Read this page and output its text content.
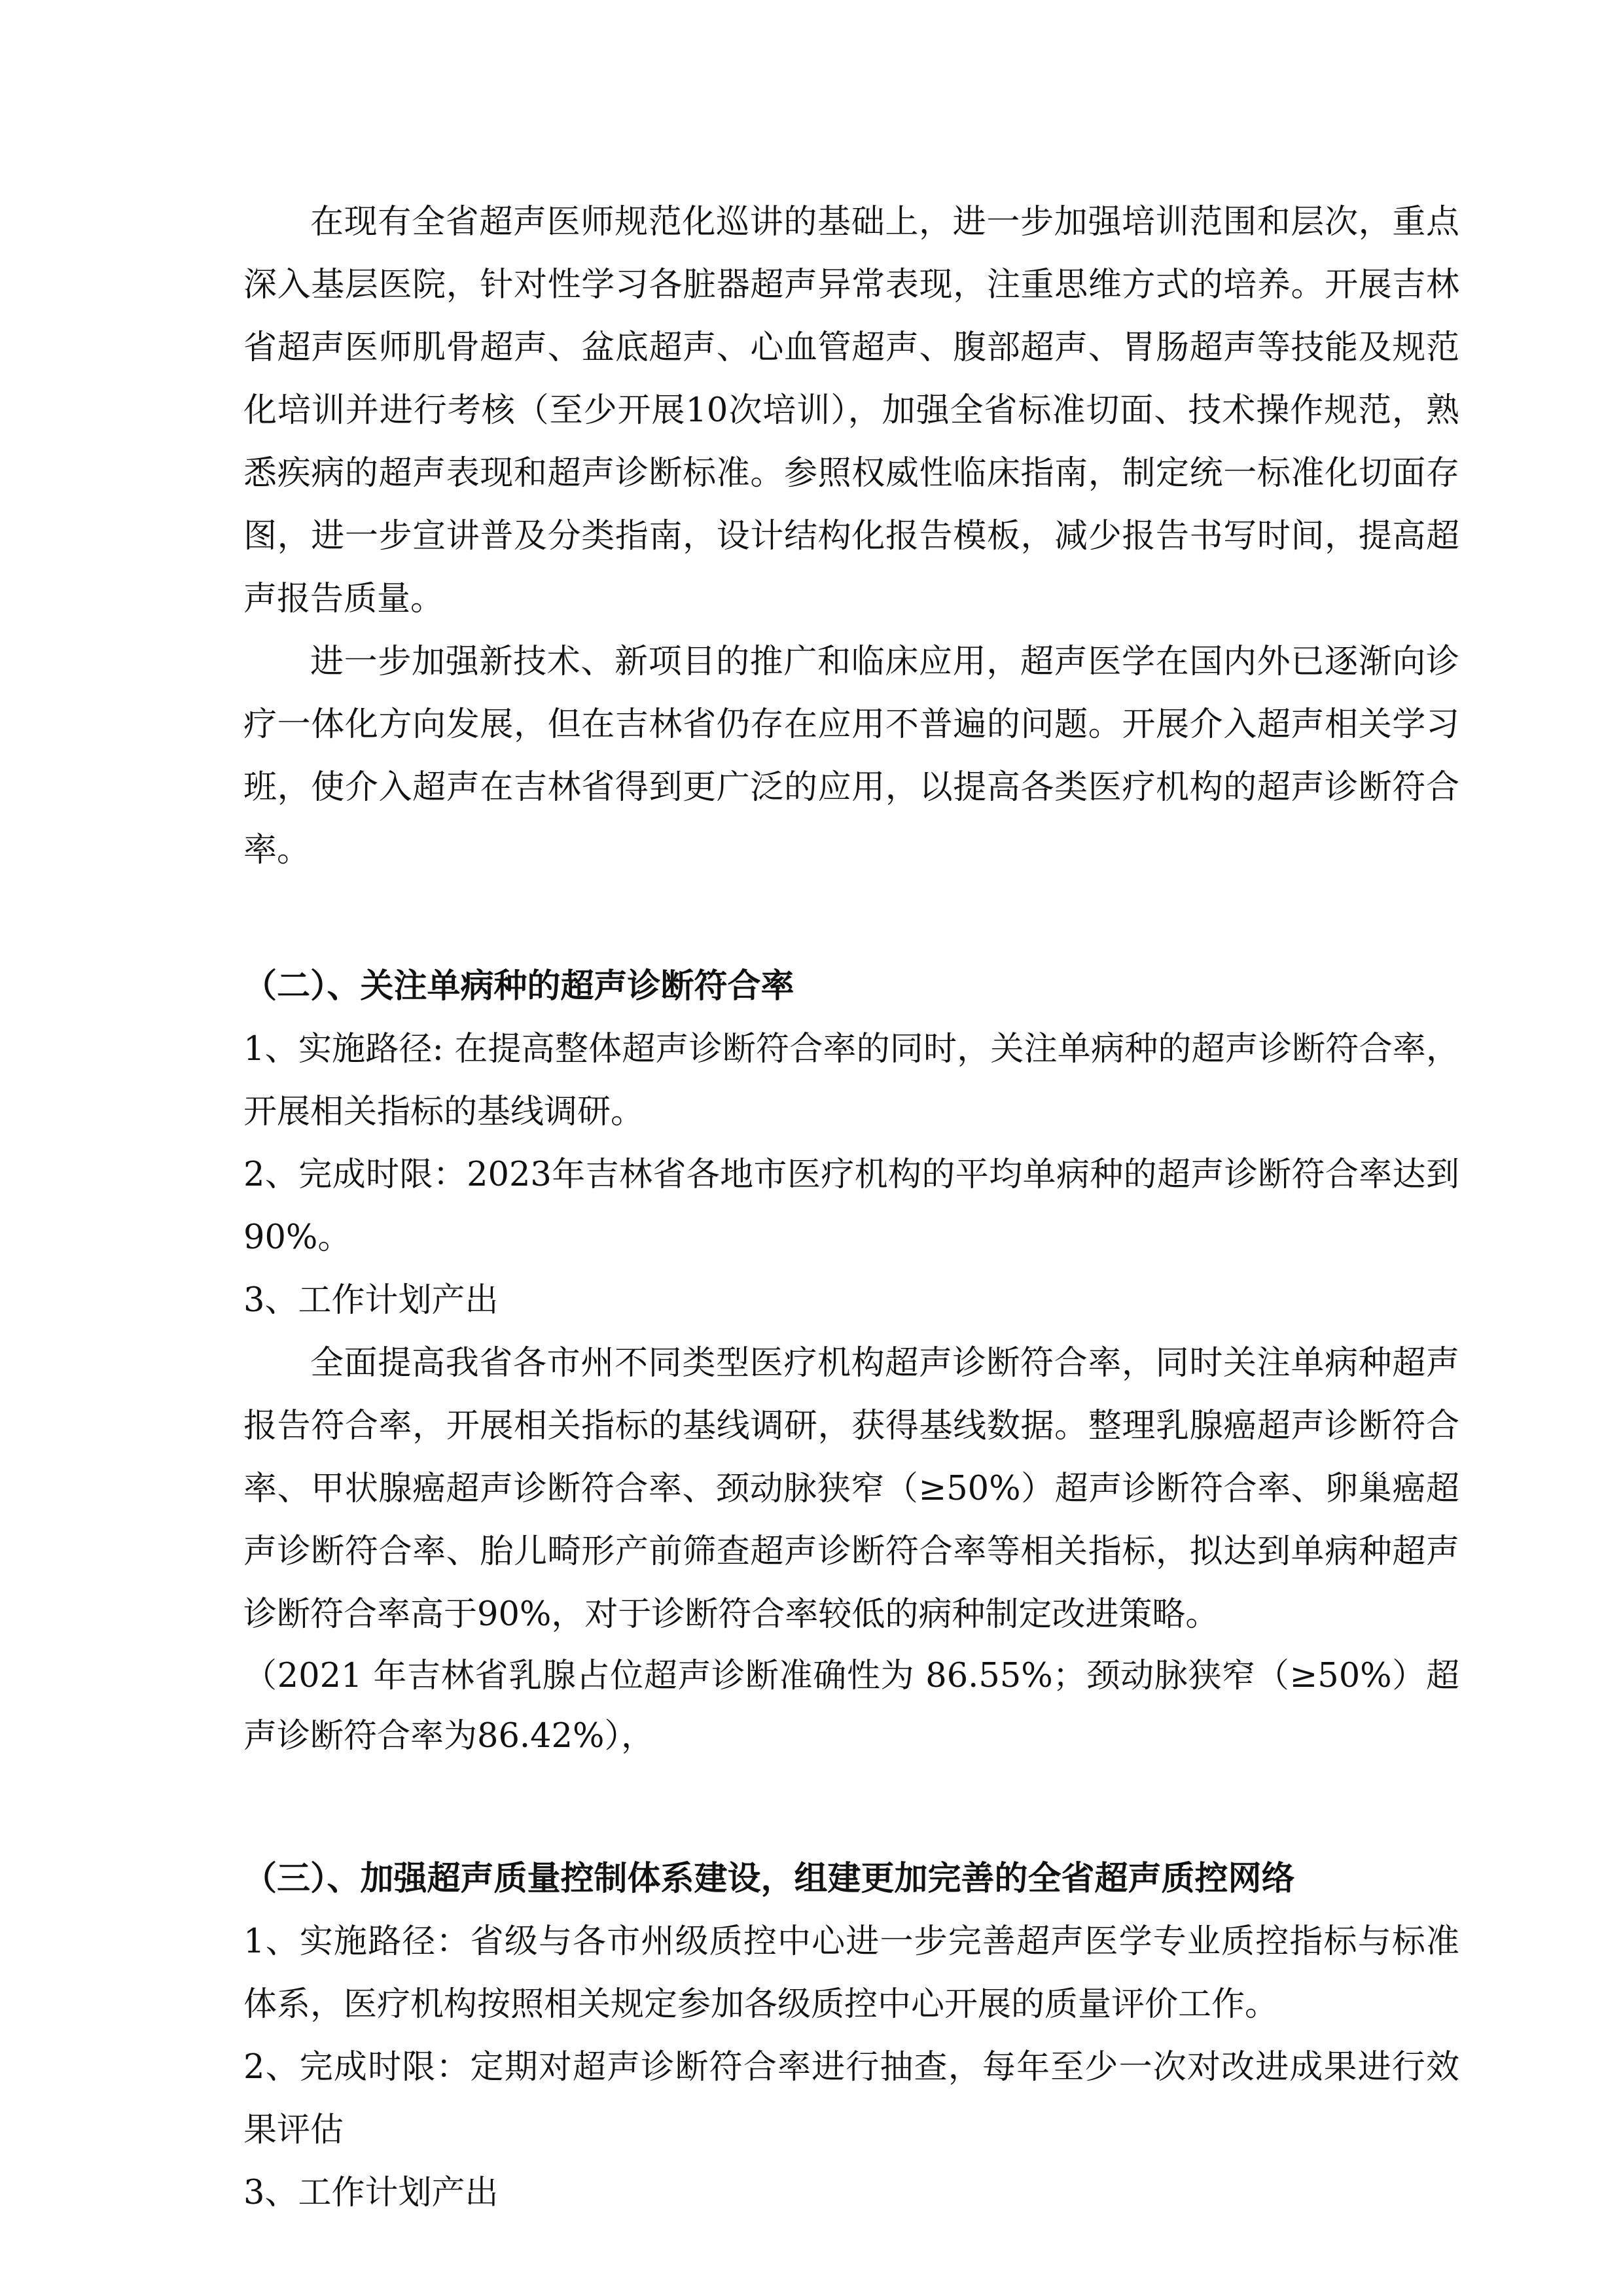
在现有全省超声医师规范化巡讲的基础上，进一步加强培训范围和层次，重点深入基层医院，针对性学习各脏器超声异常表现，注重思维方式的培养。开展吉林省超声医师肌骨超声、盆底超声、心血管超声、腹部超声、胃肠超声等技能及规范化培训并进行考核（至少开展10次培训），加强全省标准切面、技术操作规范，熟悉疾病的超声表现和超声诊断标准。参照权威性临床指南，制定统一标准化切面存图，进一步宣讲普及分类指南，设计结构化报告模板，减少报告书写时间，提高超声报告质量。

进一步加强新技术、新项目的推广和临床应用，超声医学在国内外已逐渐向诊疗一体化方向发展，但在吉林省仍存在应用不普遍的问题。开展介入超声相关学习班，使介入超声在吉林省得到更广泛的应用，以提高各类医疗机构的超声诊断符合率。

（二）、关注单病种的超声诊断符合率

1、实施路径: 在提高整体超声诊断符合率的同时，关注单病种的超声诊断符合率，开展相关指标的基线调研。

2、完成时限：2023年吉林省各地市医疗机构的平均单病种的超声诊断符合率达到90%。

3、工作计划产出

全面提高我省各市州不同类型医疗机构超声诊断符合率，同时关注单病种超声报告符合率，开展相关指标的基线调研，获得基线数据。整理乳腺癌超声诊断符合率、甲状腺癌超声诊断符合率、颈动脉狭窄（≥50%）超声诊断符合率、卵巢癌超声诊断符合率、胎儿畸形产前筛查超声诊断符合率等相关指标，拟达到单病种超声诊断符合率高于90%，对于诊断符合率较低的病种制定改进策略。

（2021 年吉林省乳腺占位超声诊断准确性为 86.55%；颈动脉狭窄（≥50%）超声诊断符合率为86.42%），

（三）、加强超声质量控制体系建设，组建更加完善的全省超声质控网络

1、实施路径：省级与各市州级质控中心进一步完善超声医学专业质控指标与标准体系，医疗机构按照相关规定参加各级质控中心开展的质量评价工作。

2、完成时限：定期对超声诊断符合率进行抽查，每年至少一次对改进成果进行效果评估

3、工作计划产出
